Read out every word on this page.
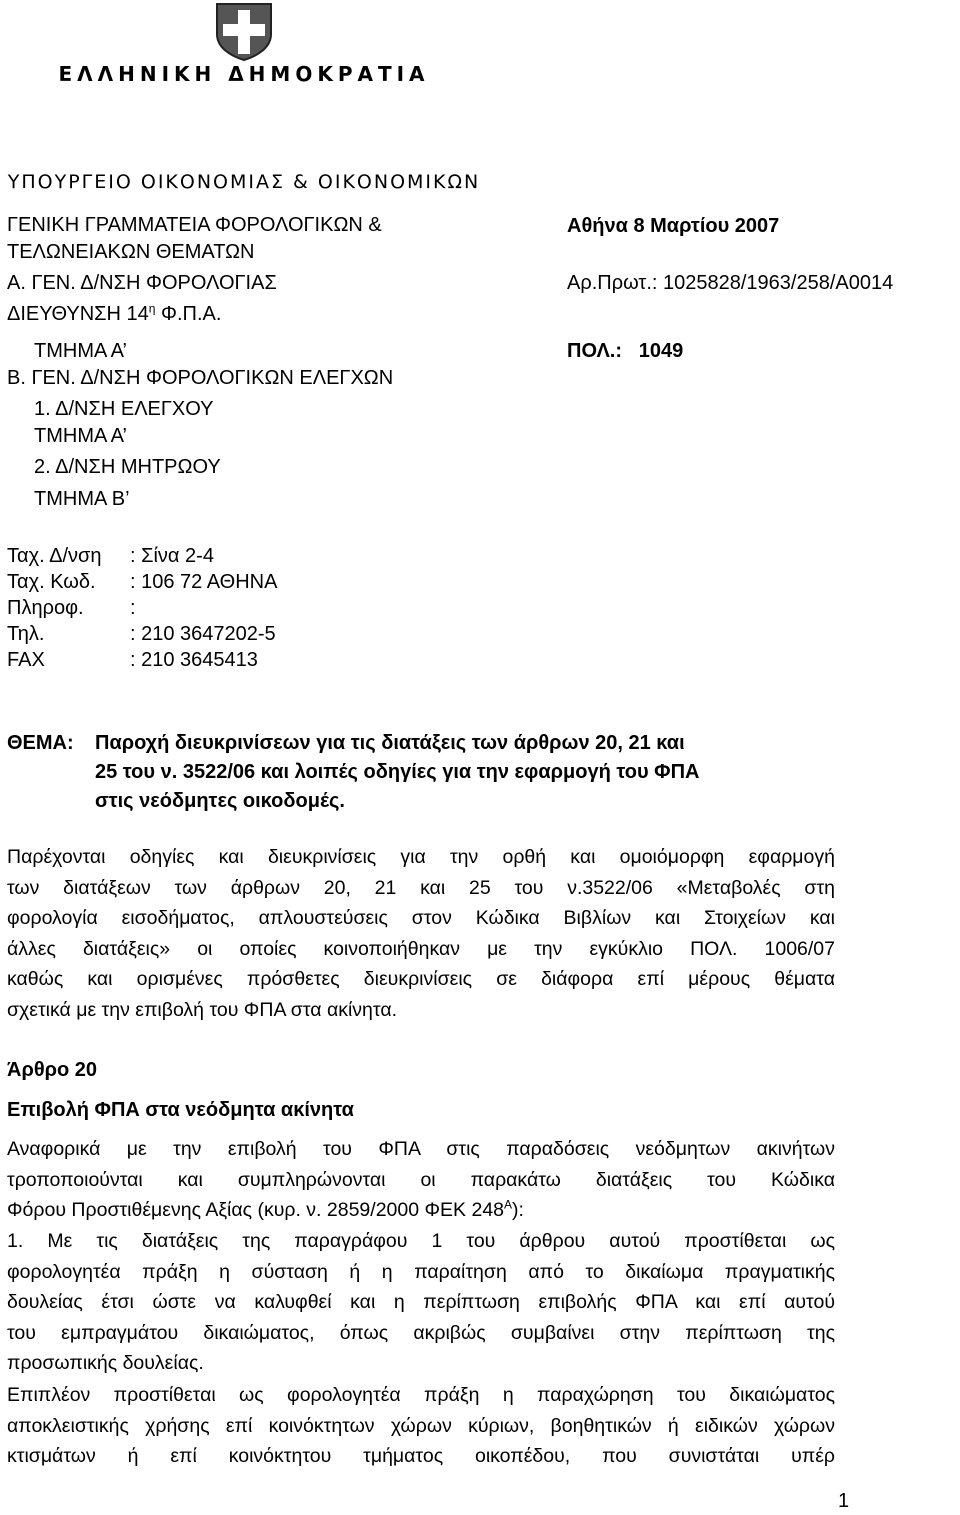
ΕΛΛΗΝΙΚΗ ΔΗΜΟΚΡΑΤΙΑ
ΥΠΟΥΡΓΕΙΟ ΟΙΚΟΝΟΜΙΑΣ & ΟΙΚΟΝΟΜΙΚΩΝ
ΓΕΝΙΚΗ ΓΡΑΜΜΑΤΕΙΑ ΦΟΡΟΛΟΓΙΚΩΝ &
ΤΕΛΩΝΕΙΑΚΩΝ ΘΕΜΑΤΩΝ
Α. ΓΕΝ. Δ/ΝΣΗ ΦΟΡΟΛΟΓΙΑΣ
ΔΙΕΥΘΥΝΣΗ $14^\eta$ Φ.Π.Α.
ΤΜΗΜΑ Α’
Β. ΓΕΝ. Δ/ΝΣΗ ΦΟΡΟΛΟΓΙΚΩΝ ΕΛΕΓΧΩΝ
1. Δ/ΝΣΗ ΕΛΕΓΧΟΥ
ΤΜΗΜΑ Α’
2. Δ/ΝΣΗ ΜΗΤΡΩΟΥ
ΤΜΗΜΑ Β’
Αθήνα 8 Μαρτίου 2007
Αρ.Πρωτ.: 1025828/1963/258/Α0014
ΠΟΛ.: 1049
Ταχ. Δ/νση : Σίνα 2-4
Ταχ. Κωδ. : 106 72 ΑΘΗΝΑ
Πληροφ. :
Τηλ.	: 210 3647202-5
FAX	: 210 3645413
ΘΕΜΑ: Παροχή διευκρινίσεων για τις διατάξεις των άρθρων 20, 21 και
25 του ν. 3522/06 και λοιπές οδηγίες για την εφαρμογή του ΦΠΑ
στις νεόδμητες οικοδομές.
Παρέχονται οδηγίες και διευκρινίσεις για την ορθή και ομοιόμορφη εφαρμογή
των διατάξεων των άρθρων 20, 21 και 25 του ν.3522/06 «Μεταβολές στη
φορολογία εισοδήματος, απλουστεύσεις στον Κώδικα Βιβλίων και Στοιχείων και
άλλες διατάξεις» οι οποίες κοινοποιήθηκαν με την εγκύκλιο ΠΟΛ. 1006/07
καθώς και ορισμένες πρόσθετες διευκρινίσεις σε διάφορα επί μέρους θέματα
σχετικά με την επιβολή του ΦΠΑ στα ακίνητα.
Άρθρο 20
Επιβολή ΦΠΑ στα νεόδμητα ακίνητα
Αναφορικά με την επιβολή του ΦΠΑ στις παραδόσεις νεόδμητων ακινήτων
τροποποιούνται και συμπληρώνονται οι παρακάτω διατάξεις του Κώδικα
Φόρου Προστιθέμενης Αξίας (κυρ. ν. 2859/2000 ΦΕΚ $248^A$):
1. Με τις διατάξεις της παραγράφου 1 του άρθρου αυτού προστίθεται ως
φορολογητέα πράξη η σύσταση ή η παραίτηση από το δικαίωμα πραγματικής
δουλείας έτσι ώστε να καλυφθεί και η περίπτωση επιβολής ΦΠΑ και επί αυτού
του εμπραγμάτου δικαιώματος, όπως ακριβώς συμβαίνει στην περίπτωση της
προσωπικής δουλείας.
Επιπλέον προστίθεται ως φορολογητέα πράξη η παραχώρηση του δικαιώματος
αποκλειστικής χρήσης επί κοινόκτητων χώρων κύριων, βοηθητικών ή ειδικών χώρων
κτισμάτων ή επί κοινόκτητου τμήματος οικοπέδου, που συνιστάται υπέρ
1
